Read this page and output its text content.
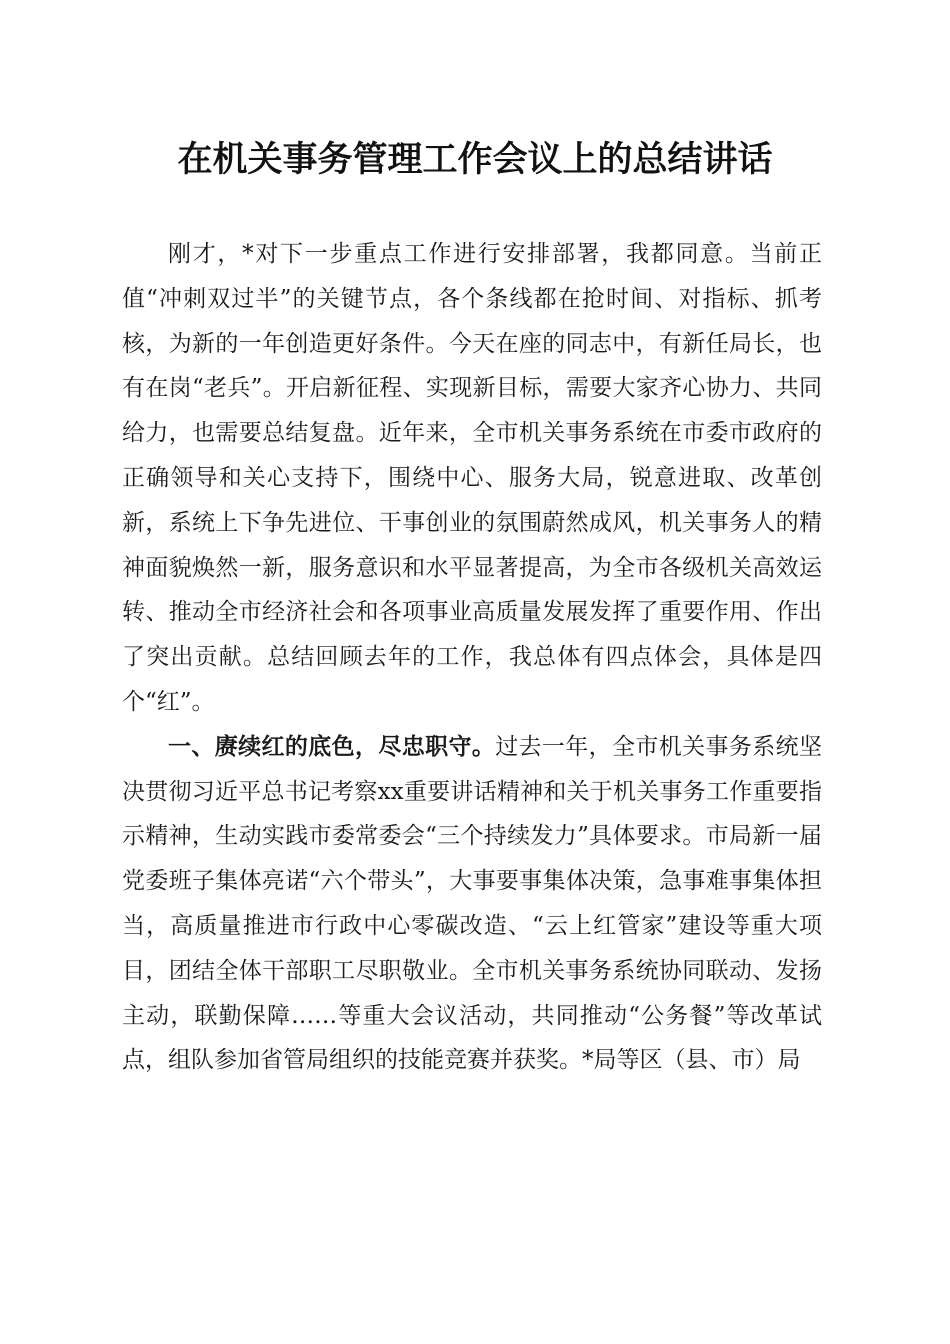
在机关事务管理工作会议上的总结讲话

刚才，*对下一步重点工作进行安排部署，我都同意。当前正值“冲刺双过半”的关键节点，各个条线都在抢时间、对指标、抓考核，为新的一年创造更好条件。今天在座的同志中，有新任局长，也有在岗“老兵”。开启新征程、实现新目标，需要大家齐心协力、共同给力，也需要总结复盘。近年来，全市机关事务系统在市委市政府的正确领导和关心支持下，围绕中心、服务大局，锐意进取、改革创新，系统上下争先进位、干事创业的氛围蔚然成风，机关事务人的精神面貌焕然一新，服务意识和水平显著提高，为全市各级机关高效运转、推动全市经济社会和各项事业高质量发展发挥了重要作用、作出了突出贡献。总结回顾去年的工作，我总体有四点体会，具体是四个“红”。

一、赓续红的底色，尽忠职守。过去一年，全市机关事务系统坚决贯彻习近平总书记考察xx重要讲话精神和关于机关事务工作重要指示精神，生动实践市委常委会“三个持续发力”具体要求。市局新一届党委班子集体亮诺“六个带头”，大事要事集体决策，急事难事集体担当，高质量推进市行政中心零碳改造、“云上红管家”建设等重大项目，团结全体干部职工尽职敬业。全市机关事务系统协同联动、发扬主动，联勤保障……等重大会议活动，共同推动“公务餐”等改革试点，组队参加省管局组织的技能竞赛并获奖。*局等区（县、市）局
